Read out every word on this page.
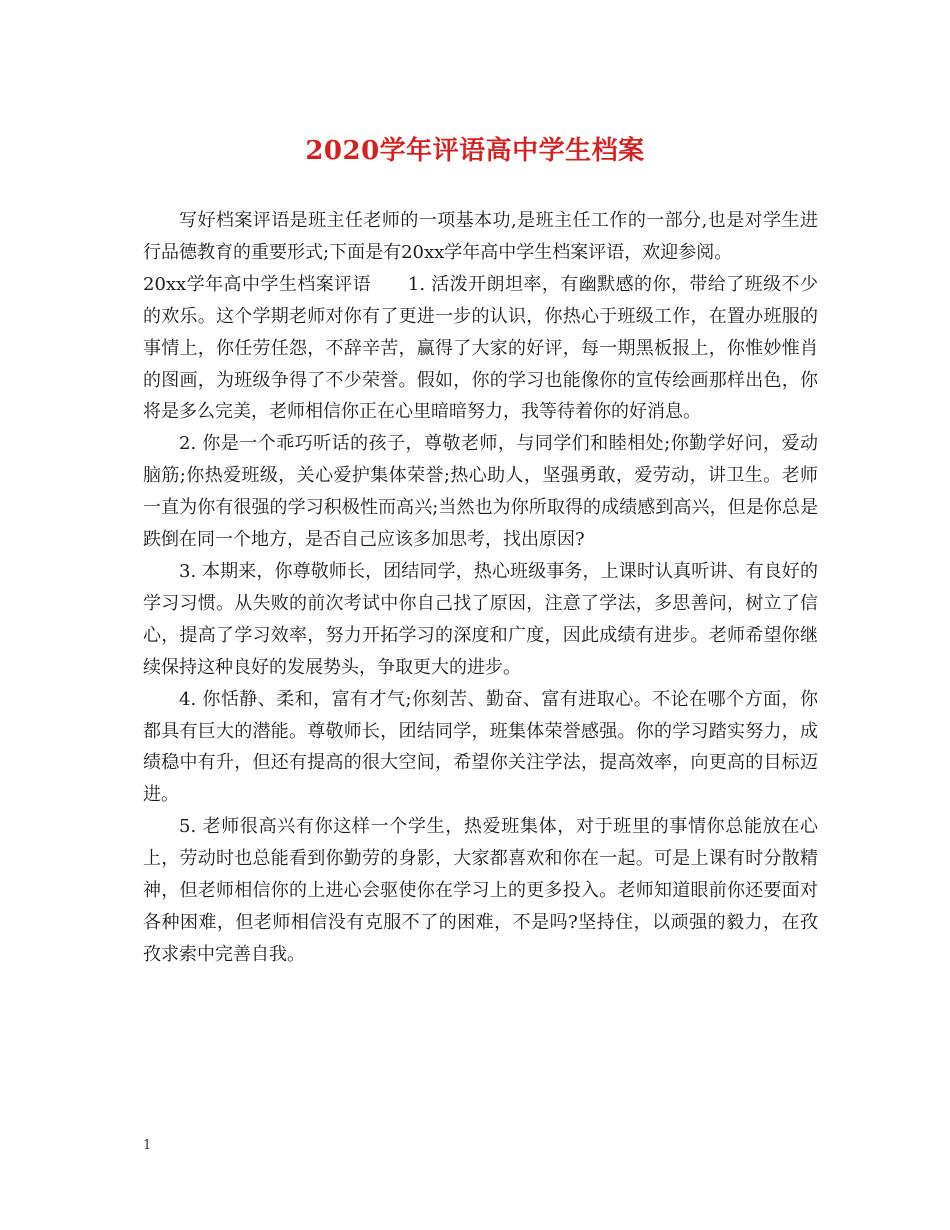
2020学年评语高中学生档案

写好档案评语是班主任老师的一项基本功,是班主任工作的一部分,也是对学生进行品德教育的重要形式;下面是有20xx学年高中学生档案评语，欢迎参阅。

20xx学年高中学生档案评语　　1. 活泼开朗坦率，有幽默感的你，带给了班级不少的欢乐。这个学期老师对你有了更进一步的认识，你热心于班级工作，在置办班服的事情上，你任劳任怨，不辞辛苦，赢得了大家的好评，每一期黑板报上，你惟妙惟肖的图画，为班级争得了不少荣誉。假如，你的学习也能像你的宣传绘画那样出色，你将是多么完美，老师相信你正在心里暗暗努力，我等待着你的好消息。

2. 你是一个乖巧听话的孩子，尊敬老师，与同学们和睦相处;你勤学好问，爱动脑筋;你热爱班级，关心爱护集体荣誉;热心助人，坚强勇敢，爱劳动，讲卫生。老师一直为你有很强的学习积极性而高兴;当然也为你所取得的成绩感到高兴，但是你总是跌倒在同一个地方，是否自己应该多加思考，找出原因?

3. 本期来，你尊敬师长，团结同学，热心班级事务，上课时认真听讲、有良好的学习习惯。从失败的前次考试中你自己找了原因，注意了学法，多思善问，树立了信心，提高了学习效率，努力开拓学习的深度和广度，因此成绩有进步。老师希望你继续保持这种良好的发展势头，争取更大的进步。

4. 你恬静、柔和，富有才气;你刻苦、勤奋、富有进取心。不论在哪个方面，你都具有巨大的潜能。尊敬师长，团结同学，班集体荣誉感强。你的学习踏实努力，成绩稳中有升，但还有提高的很大空间，希望你关注学法，提高效率，向更高的目标迈进。

5. 老师很高兴有你这样一个学生，热爱班集体，对于班里的事情你总能放在心上，劳动时也总能看到你勤劳的身影，大家都喜欢和你在一起。可是上课有时分散精神，但老师相信你的上进心会驱使你在学习上的更多投入。老师知道眼前你还要面对各种困难，但老师相信没有克服不了的困难，不是吗?坚持住，以顽强的毅力，在孜孜求索中完善自我。

1
